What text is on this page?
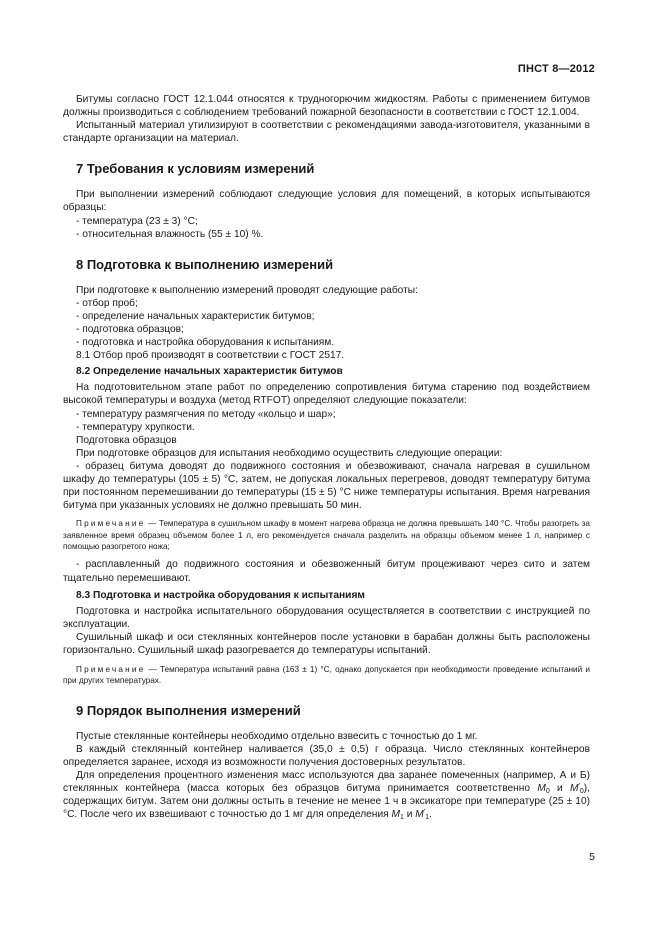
ПНСТ 8—2012

Битумы согласно ГОСТ 12.1.044 относятся к трудногорючим жидкостям. Работы с применением битумов должны производиться с соблюдением требований пожарной безопасности в соответствии с ГОСТ 12.1.004.

Испытанный материал утилизируют в соответствии с рекомендациями завода-изготовителя, указанными в стандарте организации на материал.

7 Требования к условиям измерений

При выполнении измерений соблюдают следующие условия для помещений, в которых испытываются образцы:

- температура (23 ± 3) °С;

- относительная влажность (55 ± 10) %.

8 Подготовка к выполнению измерений

При подготовке к выполнению измерений проводят следующие работы:

- отбор проб;

- определение начальных характеристик битумов;

- подготовка образцов;

- подготовка и настройка оборудования к испытаниям.

8.1 Отбор проб производят в соответствии с ГОСТ 2517.

8.2 Определение начальных характеристик битумов

На подготовительном этапе работ по определению сопротивления битума старению под воздействием высокой температуры и воздуха (метод RTFOT) определяют следующие показатели:

- температуру размягчения по методу «кольцо и шар»;

- температуру хрупкости.

Подготовка образцов

При подготовке образцов для испытания необходимо осуществить следующие операции:

- образец битума доводят до подвижного состояния и обезвоживают, сначала нагревая в сушильном шкафу до температуры (105 ± 5) °С, затем, не допуская локальных перегревов, доводят температуру битума при постоянном перемешивании до температуры (15 ± 5) °С ниже температуры испытания. Время нагревания битума при указанных условиях не должно превышать 50 мин.

Примечание — Температура в сушильном шкафу в момент нагрева образца не должна превышать 140 °С. Чтобы разогреть за заявленное время образец объемом более 1 л, его рекомендуется сначала разделить на образцы объемом менее 1 л, например с помощью разогретого ножа;

- расплавленный до подвижного состояния и обезвоженный битум процеживают через сито и затем тщательно перемешивают.

8.3 Подготовка и настройка оборудования к испытаниям

Подготовка и настройка испытательного оборудования осуществляется в соответствии с инструкцией по эксплуатации.

Сушильный шкаф и оси стеклянных контейнеров после установки в барабан должны быть расположены горизонтально. Сушильный шкаф разогревается до температуры испытаний.

Примечание — Температура испытаний равна (163 ± 1) °С, однако допускается при необходимости проведение испытаний и при других температурах.

9 Порядок выполнения измерений

Пустые стеклянные контейнеры необходимо отдельно взвесить с точностью до 1 мг.

В каждый стеклянный контейнер наливается (35,0 ± 0,5) г образца. Число стеклянных контейнеров определяется заранее, исходя из возможности получения достоверных результатов.

Для определения процентного изменения масс используются два заранее помеченных (например, А и Б) стеклянных контейнера (масса которых без образцов битума принимается соответственно $M_0$ и $M'_0$), содержащих битум. Затем они должны остыть в течение не менее 1 ч в эксикаторе при температуре (25 ± 10) °С. После чего их взвешивают с точностью до 1 мг для определения $M_1$ и $M'_1$.

5
